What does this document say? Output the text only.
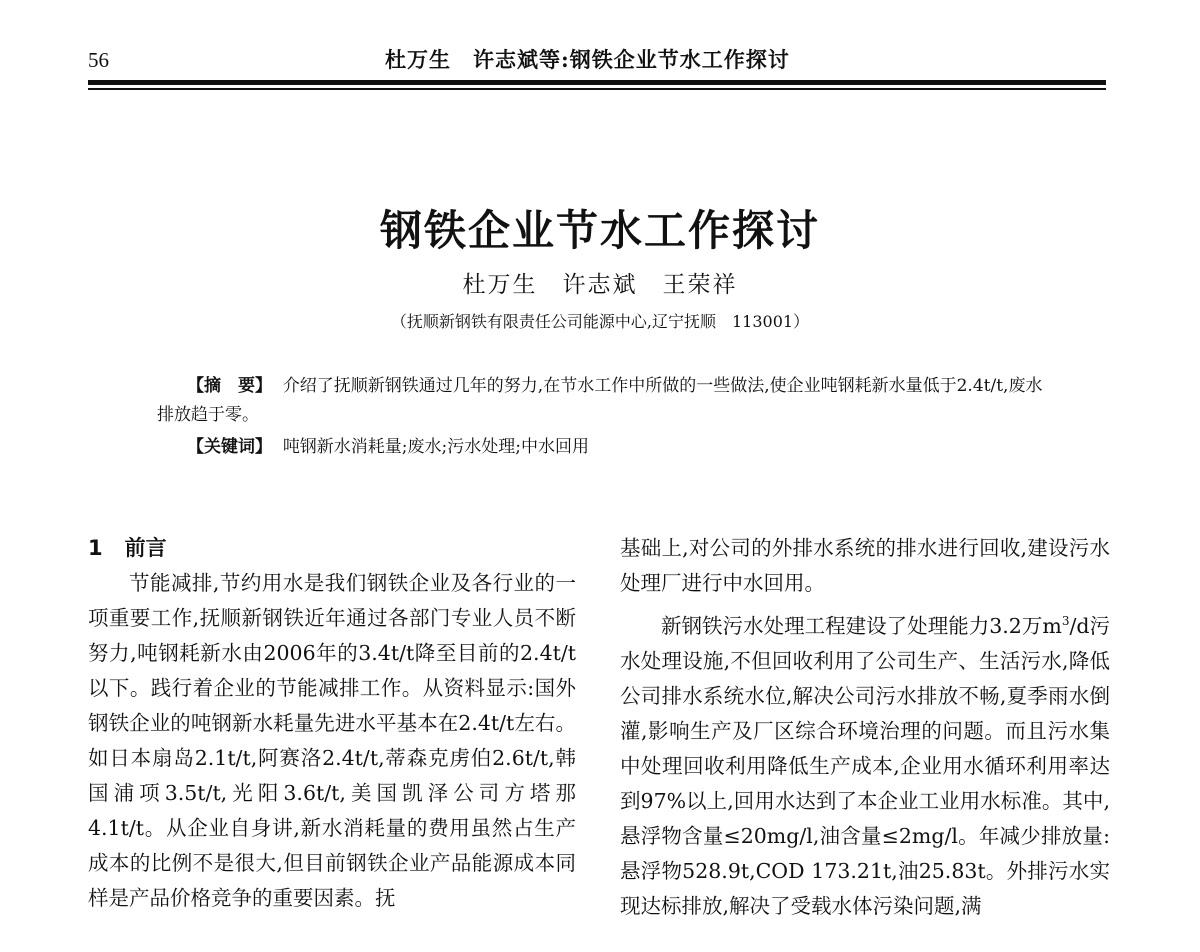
56	杜万生　许志斌等:钢铁企业节水工作探讨
钢铁企业节水工作探讨
杜万生　许志斌　王荣祥
（抚顺新钢铁有限责任公司能源中心,辽宁抚顺　113001）
【摘　要】 介绍了抚顺新钢铁通过几年的努力,在节水工作中所做的一些做法,使企业吨钢耗新水量低于2.4t/t,废水排放趋于零。
【关键词】 吨钢新水消耗量;废水;污水处理;中水回用
1 前言

节能减排,节约用水是我们钢铁企业及各行业的一项重要工作,抚顺新钢铁近年通过各部门专业人员不断努力,吨钢耗新水由2006年的3.4t/t降至目前的2.4t/t以下。践行着企业的节能减排工作。从资料显示:国外钢铁企业的吨钢新水耗量先进水平基本在2.4t/t左右。如日本扇岛2.1t/t,阿赛洛2.4t/t,蒂森克虏伯2.6t/t,韩国浦项3.5t/t,光阳3.6t/t,美国凯泽公司方塔那4.1t/t。从企业自身讲,新水消耗量的费用虽然占生产成本的比例不是很大,但目前钢铁企业产品能源成本同样是产品价格竞争的重要因素。抚

基础上,对公司的外排水系统的排水进行回收,建设污水处理厂进行中水回用。

新钢铁污水处理工程建设了处理能力3.2万$m^3/d$污水处理设施,不但回收利用了公司生产、生活污水,降低公司排水系统水位,解决公司污水排放不畅,夏季雨水倒灌,影响生产及厂区综合环境治理的问题。而且污水集中处理回收利用降低生产成本,企业用水循环利用率达到97%以上,回用水达到了本企业工业用水标准。其中,悬浮物含量≤20mg/l,油含量≤2mg/l。年减少排放量:悬浮物528.9t,COD 173.21t,油25.83t。外排污水实现达标排放,解决了受载水体污染问题,满
